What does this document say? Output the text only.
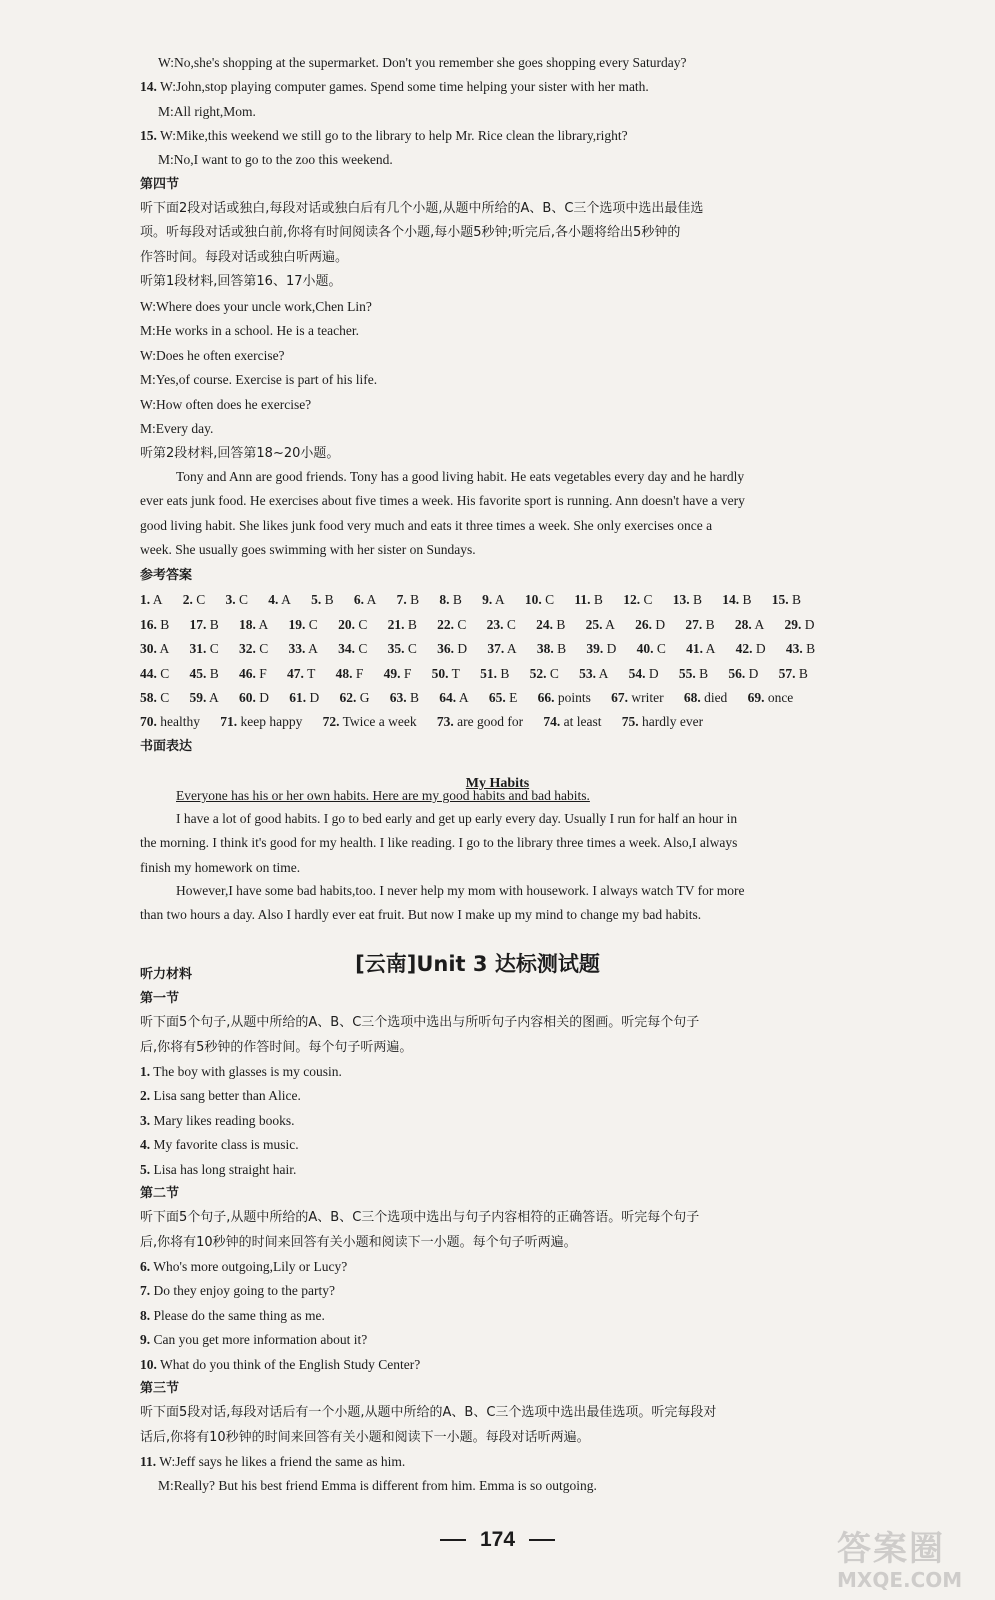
W:No,she's shopping at the supermarket. Don't you remember she goes shopping every Saturday?
14. W:John,stop playing computer games. Spend some time helping your sister with her math.
M:All right,Mom.
15. W:Mike,this weekend we still go to the library to help Mr. Rice clean the library,right?
M:No,I want to go to the zoo this weekend.
第四节
听下面2段对话或独白,每段对话或独白后有几个小题,从题中所给的A、B、C三个选项中选出最佳选
项。听每段对话或独白前,你将有时间阅读各个小题,每小题5秒钟;听完后,各小题将给出5秒钟的
作答时间。每段对话或独白听两遍。
听第1段材料,回答第16、17小题。
W:Where does your uncle work,Chen Lin?
M:He works in a school. He is a teacher.
W:Does he often exercise?
M:Yes,of course. Exercise is part of his life.
W:How often does he exercise?
M:Every day.
听第2段材料,回答第18~20小题。
Tony and Ann are good friends. Tony has a good living habit. He eats vegetables every day and he hardly
ever eats junk food. He exercises about five times a week. His favorite sport is running. Ann doesn't have a very
good living habit. She likes junk food very much and eats it three times a week. She only exercises once a
week. She usually goes swimming with her sister on Sundays.
参考答案
1. A   2. C   3. C   4. A   5. B   6. A   7. B   8. B   9. A   10. C   11. B   12. C   13. B   14. B   15. B  
16. B   17. B   18. A   19. C   20. C   21. B   22. C   23. C   24. B   25. A   26. D   27. B   28. A   29. D  
30. A   31. C   32. C   33. A   34. C   35. C   36. D   37. A   38. B   39. D   40. C   41. A   42. D   43. B  
44. C   45. B   46. F   47. T   48. F   49. F   50. T   51. B   52. C   53. A   54. D   55. B   56. D   57. B  
58. C   59. A   60. D   61. D   62. G   63. B   64. A   65. E   66. points   67. writer   68. died   69. once  
70. healthy   71. keep happy   72. Twice a week   73. are good for   74. at least   75. hardly ever  
书面表达
My Habits
Everyone has his or her own habits. Here are my good habits and bad habits.
I have a lot of good habits. I go to bed early and get up early every day. Usually I run for half an hour in
the morning. I think it's good for my health. I like reading. I go to the library three times a week. Also,I always
finish my homework on time.
However,I have some bad habits,too. I never help my mom with housework. I always watch TV for more
than two hours a day. Also I hardly ever eat fruit. But now I make up my mind to change my bad habits.
[云南]Unit 3 达标测试题
听力材料
第一节
听下面5个句子,从题中所给的A、B、C三个选项中选出与所听句子内容相关的图画。听完每个句子
后,你将有5秒钟的作答时间。每个句子听两遍。
1. The boy with glasses is my cousin.
2. Lisa sang better than Alice.
3. Mary likes reading books.
4. My favorite class is music.
5. Lisa has long straight hair.
第二节
听下面5个句子,从题中所给的A、B、C三个选项中选出与句子内容相符的正确答语。听完每个句子
后,你将有10秒钟的时间来回答有关小题和阅读下一小题。每个句子听两遍。
6. Who's more outgoing,Lily or Lucy?
7. Do they enjoy going to the party?
8. Please do the same thing as me.
9. Can you get more information about it?
10. What do you think of the English Study Center?
第三节
听下面5段对话,每段对话后有一个小题,从题中所给的A、B、C三个选项中选出最佳选项。听完每段对
话后,你将有10秒钟的时间来回答有关小题和阅读下一小题。每段对话听两遍。
11. W:Jeff says he likes a friend the same as him.
M:Really? But his best friend Emma is different from him. Emma is so outgoing.
174	答案圈
MXQE.COM
